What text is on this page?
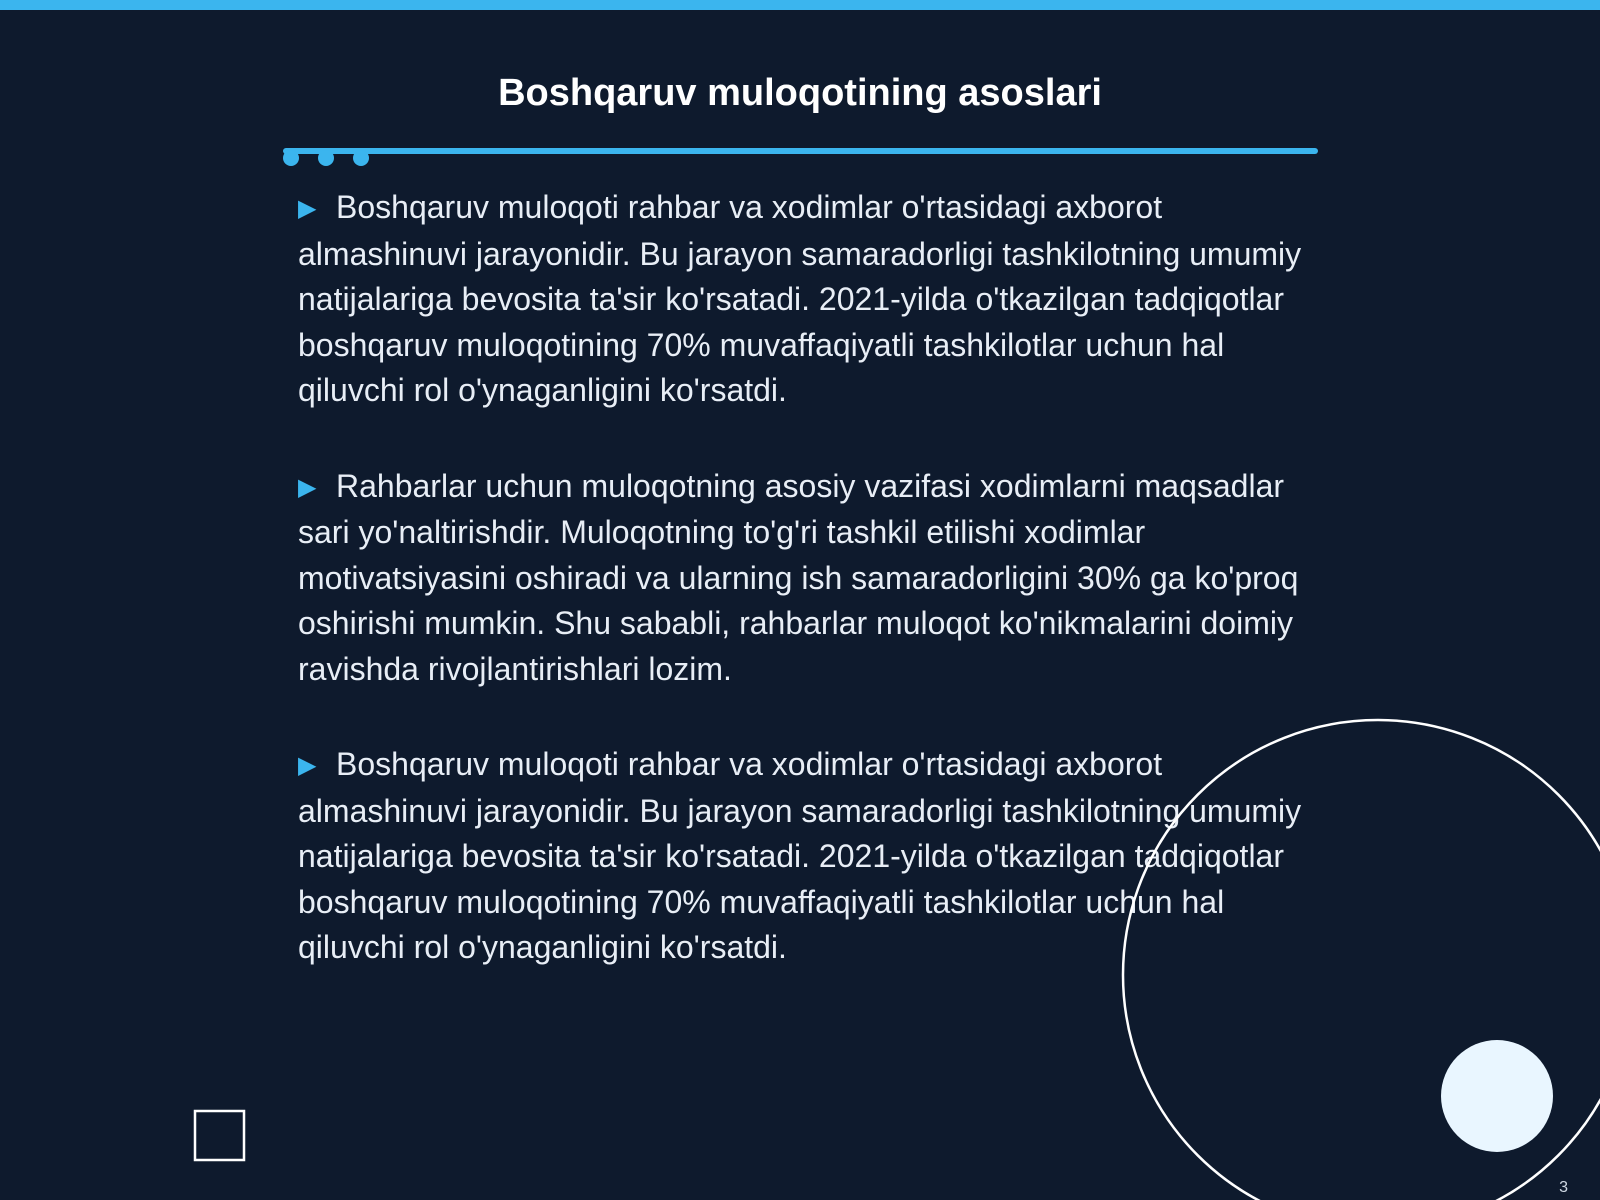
Boshqaruv muloqotining asoslari

▶ Boshqaruv muloqoti rahbar va xodimlar o'rtasidagi axborot almashinuvi jarayonidir. Bu jarayon samaradorligi tashkilotning umumiy natijalariga bevosita ta'sir ko'rsatadi. 2021-yilda o'tkazilgan tadqiqotlar boshqaruv muloqotining 70% muvaffaqiyatli tashkilotlar uchun hal qiluvchi rol o'ynaganligini ko'rsatdi.

▶ Rahbarlar uchun muloqotning asosiy vazifasi xodimlarni maqsadlar sari yo'naltirishdir. Muloqotning to'g'ri tashkil etilishi xodimlar motivatsiyasini oshiradi va ularning ish samaradorligini 30% ga ko'proq oshirishi mumkin. Shu sababli, rahbarlar muloqot ko'nikmalarini doimiy ravishda rivojlantirishlari lozim.

▶ Boshqaruv muloqoti rahbar va xodimlar o'rtasidagi axborot almashinuvi jarayonidir. Bu jarayon samaradorligi tashkilotning umumiy natijalariga bevosita ta'sir ko'rsatadi. 2021-yilda o'tkazilgan tadqiqotlar boshqaruv muloqotining 70% muvaffaqiyatli tashkilotlar uchun hal qiluvchi rol o'ynaganligini ko'rsatdi.

3
